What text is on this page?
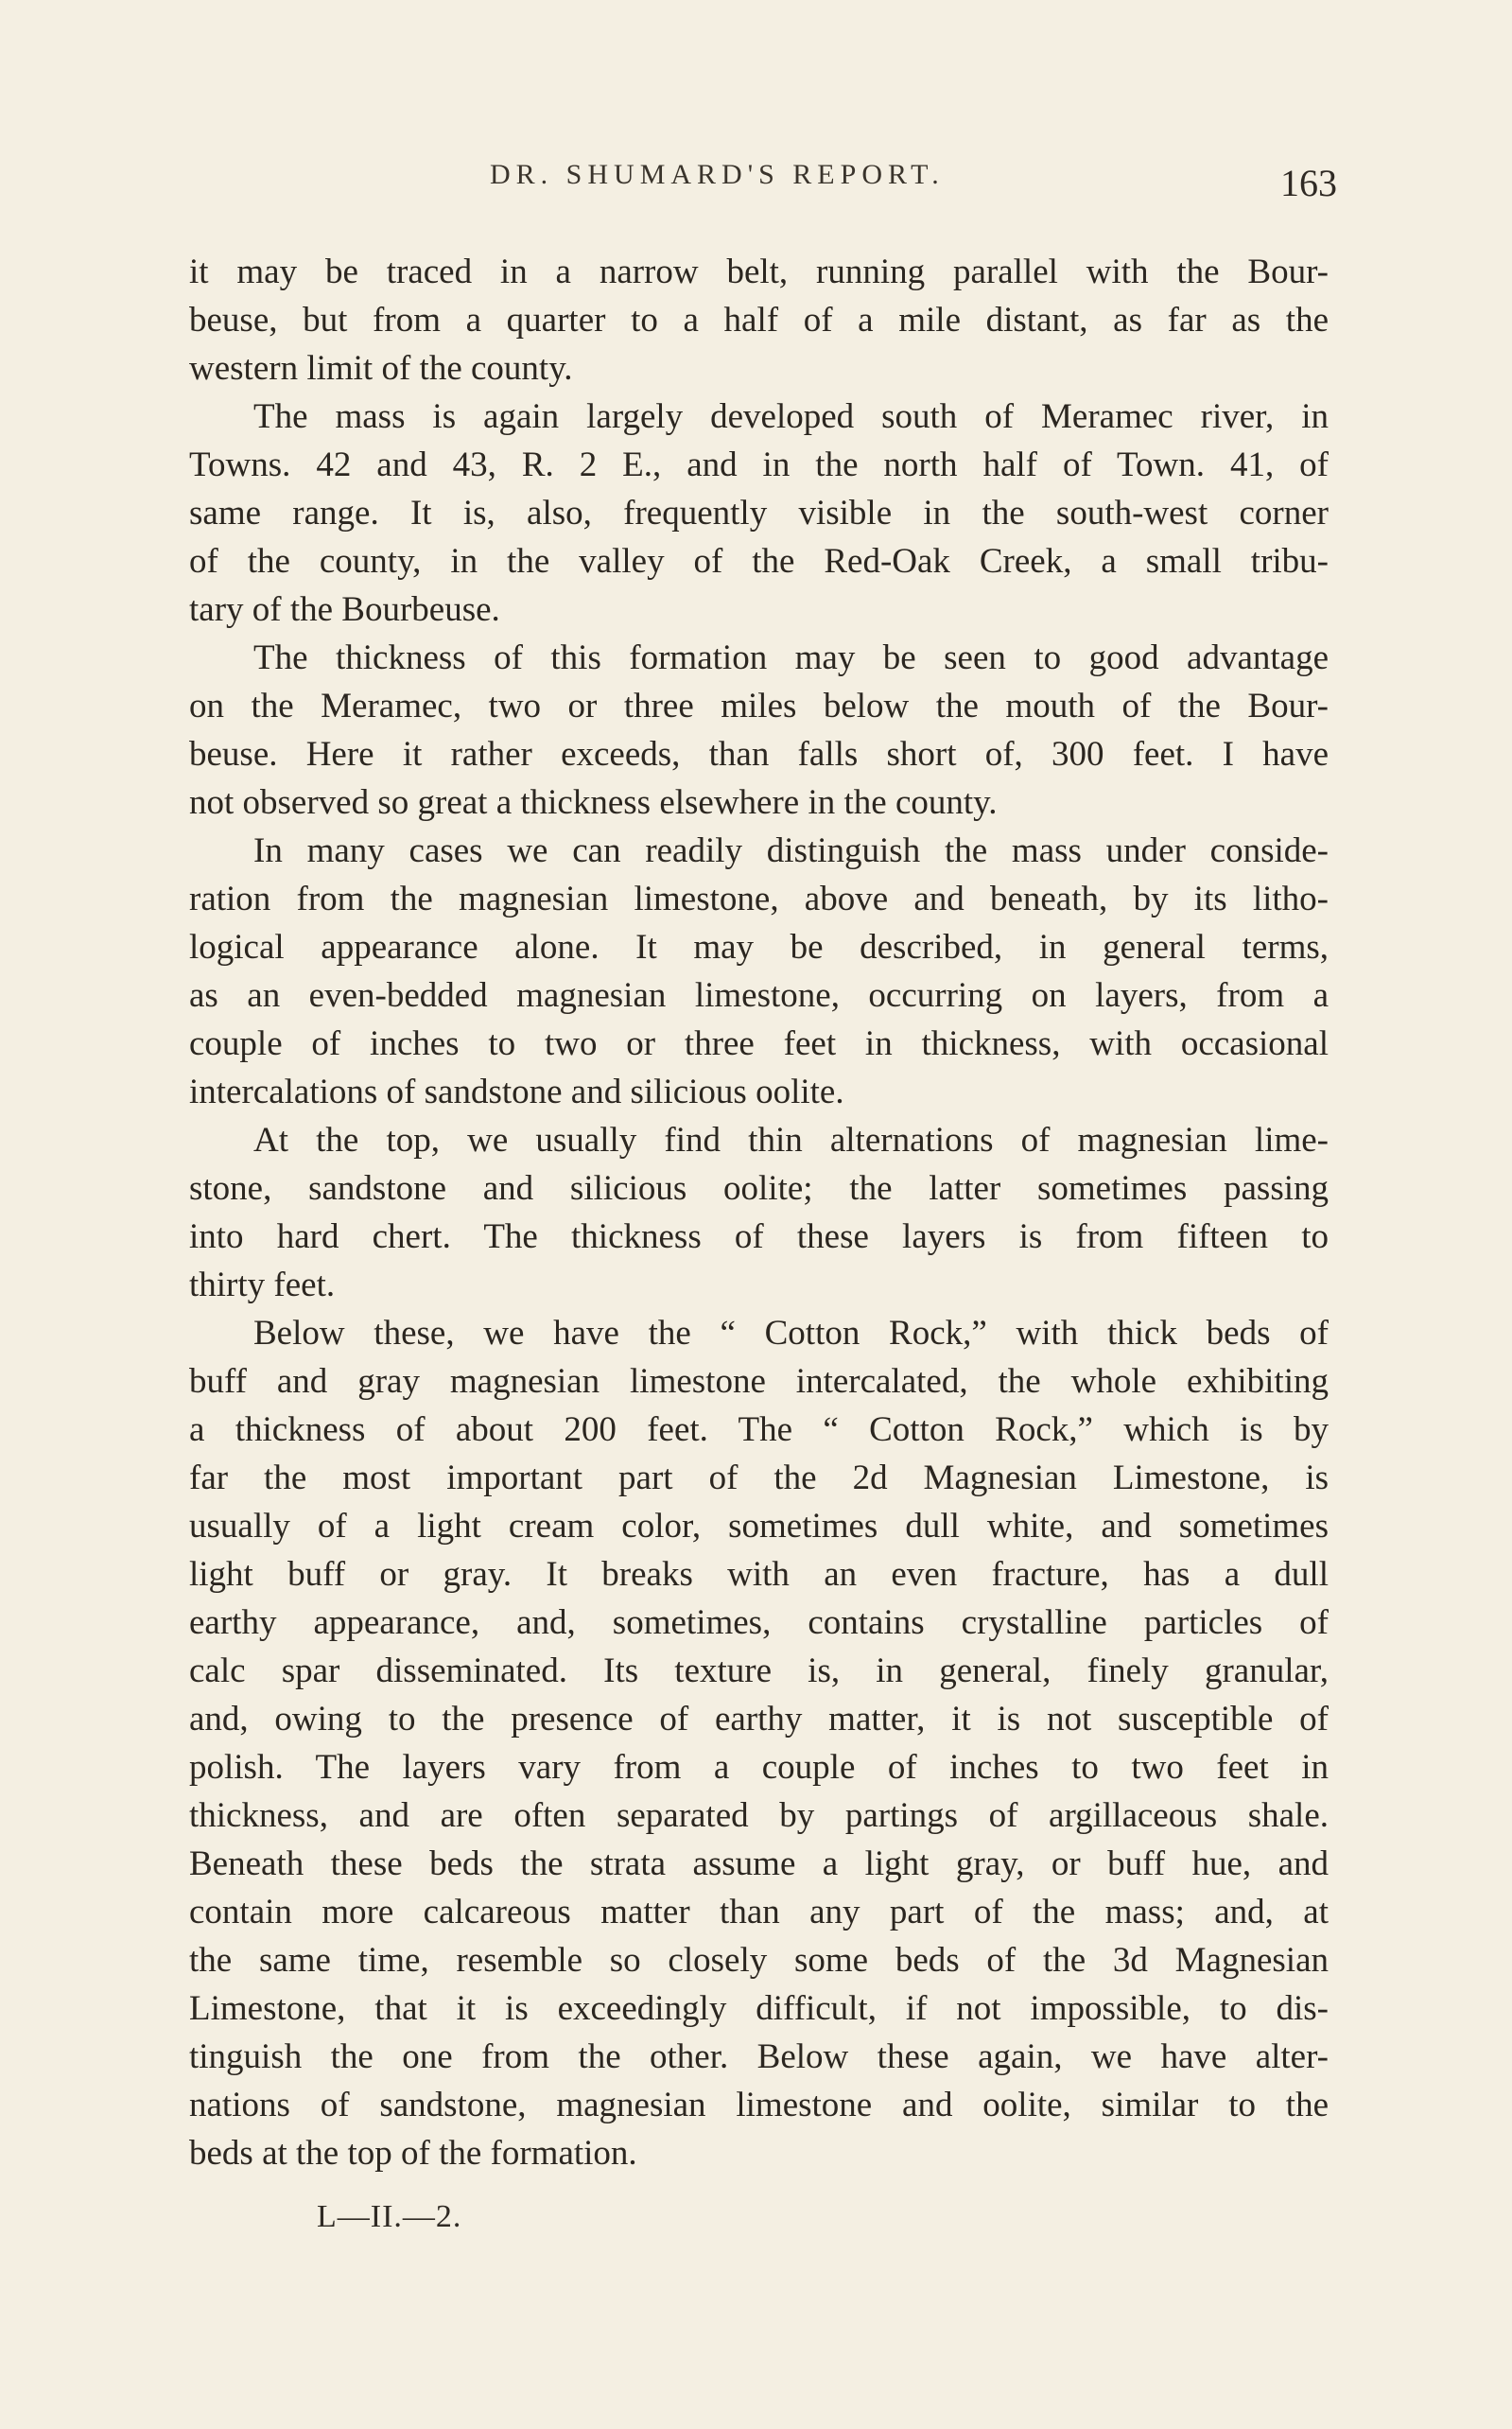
DR. SHUMARD'S REPORT.	163
it may be traced in a narrow belt, running parallel with the Bour-
beuse, but from a quarter to a half of a mile distant, as far as the
western limit of the county.
The mass is again largely developed south of Meramec river, in
Towns. 42 and 43, R. 2 E., and in the north half of Town. 41, of
same range. It is, also, frequently visible in the south-west corner
of the county, in the valley of the Red-Oak Creek, a small tribu-
tary of the Bourbeuse.
The thickness of this formation may be seen to good advantage
on the Meramec, two or three miles below the mouth of the Bour-
beuse. Here it rather exceeds, than falls short of, 300 feet. I have
not observed so great a thickness elsewhere in the county.
In many cases we can readily distinguish the mass under conside-
ration from the magnesian limestone, above and beneath, by its litho-
logical appearance alone. It may be described, in general terms,
as an even-bedded magnesian limestone, occurring on layers, from a
couple of inches to two or three feet in thickness, with occasional
intercalations of sandstone and silicious oolite.
At the top, we usually find thin alternations of magnesian lime-
stone, sandstone and silicious oolite; the latter sometimes passing
into hard chert. The thickness of these layers is from fifteen to
thirty feet.
Below these, we have the “ Cotton Rock,” with thick beds of
buff and gray magnesian limestone intercalated, the whole exhibiting
a thickness of about 200 feet. The “ Cotton Rock,” which is by
far the most important part of the 2d Magnesian Limestone, is
usually of a light cream color, sometimes dull white, and sometimes
light buff or gray. It breaks with an even fracture, has a dull
earthy appearance, and, sometimes, contains crystalline particles of
calc spar disseminated. Its texture is, in general, finely granular,
and, owing to the presence of earthy matter, it is not susceptible of
polish. The layers vary from a couple of inches to two feet in
thickness, and are often separated by partings of argillaceous shale.
Beneath these beds the strata assume a light gray, or buff hue, and
contain more calcareous matter than any part of the mass; and, at
the same time, resemble so closely some beds of the 3d Magnesian
Limestone, that it is exceedingly difficult, if not impossible, to dis-
tinguish the one from the other. Below these again, we have alter-
nations of sandstone, magnesian limestone and oolite, similar to the
beds at the top of the formation.
L—II.—2.
